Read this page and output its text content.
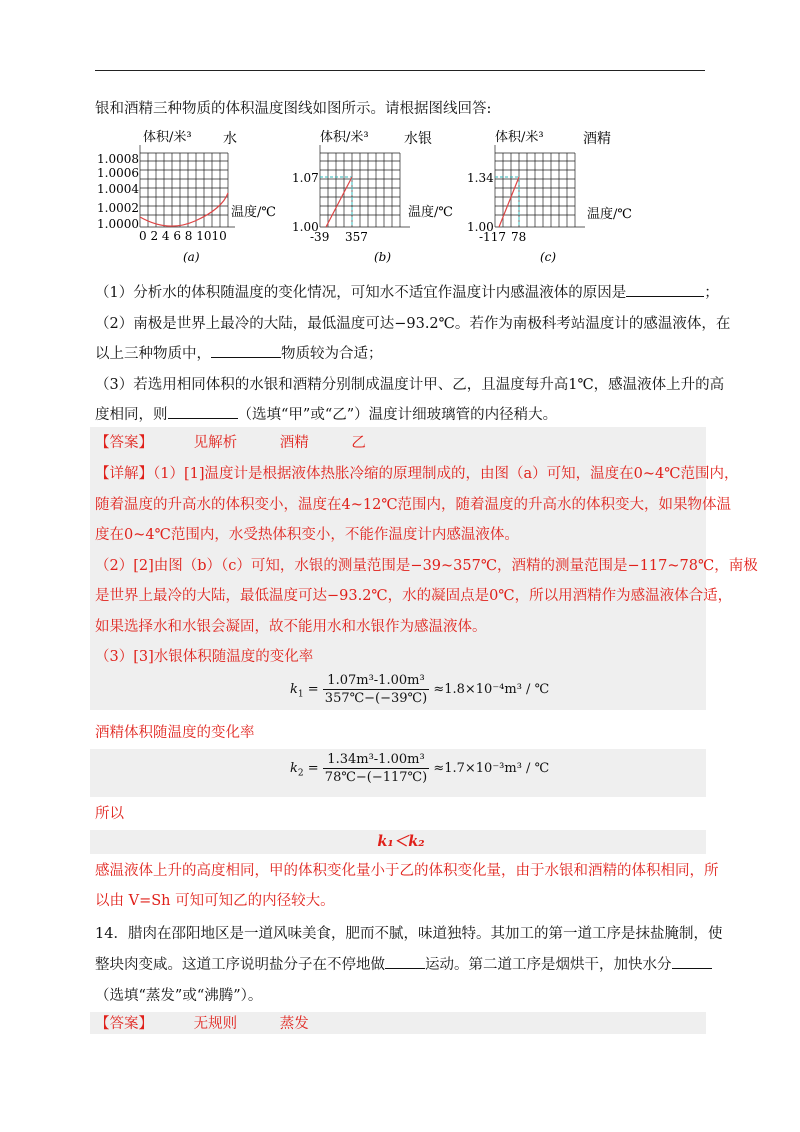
银和酒精三种物质的体积温度图线如图所示。请根据图线回答:
体积/米³ 水
1.0008
1.0006
1.0004
1.0002
1.0000
温度/℃
0 2 4 6 8 1010
(a)
体积/米³	水银
1.07
1.00
温度/℃
-39 357
(b)
体积/米³	酒精
1.34
1.00
温度/℃
-117 78
(c)
（1）分析水的体积随温度的变化情况，可知水不适宜作温度计内感温液体的原因是	；
（2）南极是世界上最冷的大陆，最低温度可达−93.2℃。若作为南极科考站温度计的感温液体，在
以上三种物质中，	物质较为合适；
（3）若选用相同体积的水银和酒精分别制成温度计甲、乙，且温度每升高1℃，感温液体上升的高
度相同，则	（选填“甲”或“乙”）温度计细玻璃管的内径稍大。
【答案】	见解析	酒精	乙
【详解】（1）[1]温度计是根据液体热胀冷缩的原理制成的，由图（a）可知，温度在0~4℃范围内，
随着温度的升高水的体积变小，温度在4~12℃范围内，随着温度的升高水的体积变大，如果物体温
度在0~4℃范围内，水受热体积变小，不能作温度计内感温液体。
（2）[2]由图（b）（c）可知，水银的测量范围是−39~357℃，酒精的测量范围是−117~78℃，南极
是世界上最冷的大陆，最低温度可达−93.2℃，水的凝固点是0℃，所以用酒精作为感温液体合适，
如果选择水和水银会凝固，故不能用水和水银作为感温液体。
（3）[3]水银体积随温度的变化率
$k_1 = \frac{\text{1.07m³-1.00m³}}{357℃-(-39℃)} \approx 1.8\times 10^{-4}m^3$ / ℃
酒精体积随温度的变化率
$k_2 = \frac{\text{1.34m³-1.00m³}}{78℃-(-117℃)} \approx 1.7\times 10^{-3}m^3$ / ℃
所以
k₁＜k₂
感温液体上升的高度相同，甲的体积变化量小于乙的体积变化量，由于水银和酒精的体积相同，所
以由 V=Sh 可知可知乙的内径较大。
14．腊肉在邵阳地区是一道风味美食，肥而不腻，味道独特。其加工的第一道工序是抹盐腌制，使
整块肉变咸。这道工序说明盐分子在不停地做	运动。第二道工序是烟烘干，加快水分
（选填“蒸发”或“沸腾”）。
【答案】	无规则	蒸发
